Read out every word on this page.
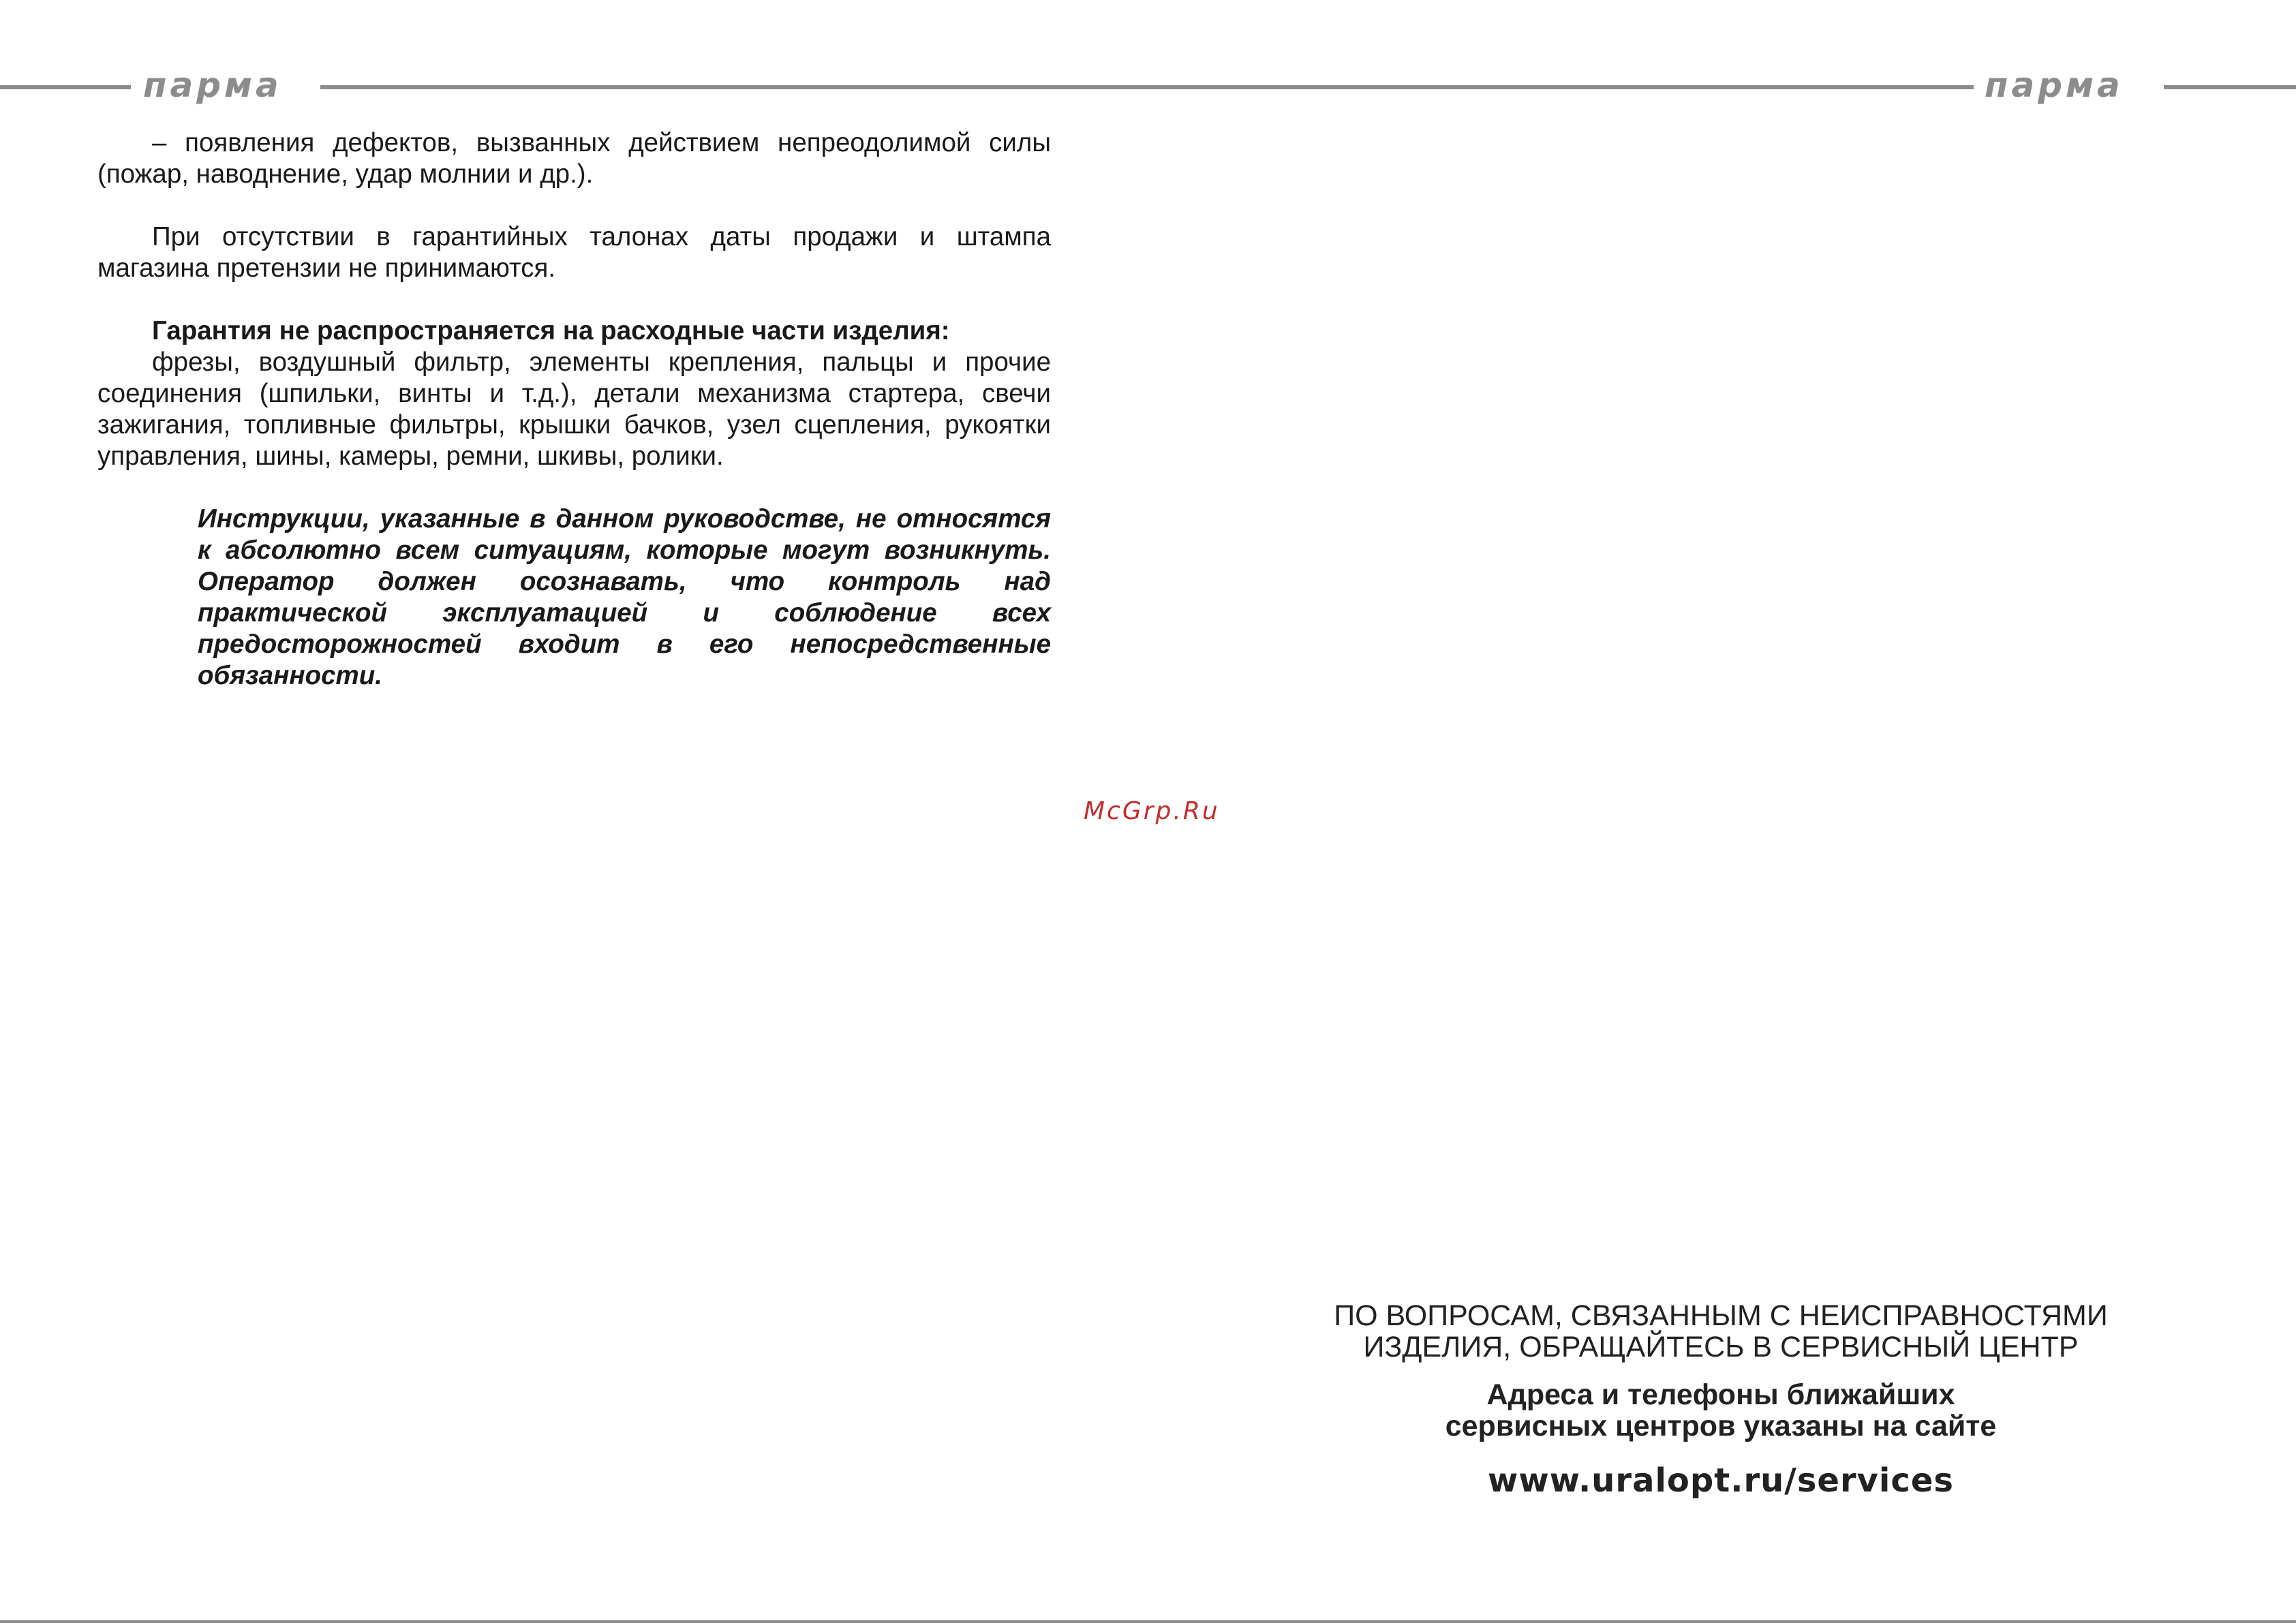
парма	парма

– появления дефектов, вызванных действием непреодолимой силы (пожар, наводнение, удар молнии и др.).

При отсутствии в гарантийных талонах даты продажи и штампа магазина претензии не принимаются.

Гарантия не распространяется на расходные части изделия:

фрезы, воздушный фильтр, элементы крепления, пальцы и прочие соединения (шпильки, винты и т.д.), детали механизма стартера, свечи зажигания, топливные фильтры, крышки бачков, узел сцепления, рукоятки управления, шины, камеры, ремни, шкивы, ролики.

Инструкции, указанные в данном руководстве, не относятся к абсолютно всем ситуациям, которые могут возникнуть. Оператор должен осознавать, что контроль над практической эксплуатацией и соблюдение всех предосторожностей входит в его непосредственные обязанности.

McGrp.Ru
ПО ВОПРОСАМ, СВЯЗАННЫМ С НЕИСПРАВНОСТЯМИ
ИЗДЕЛИЯ, ОБРАЩАЙТЕСЬ В СЕРВИСНЫЙ ЦЕНТР
Адреса и телефоны ближайших
сервисных центров указаны на сайте
www.uralopt.ru/services
